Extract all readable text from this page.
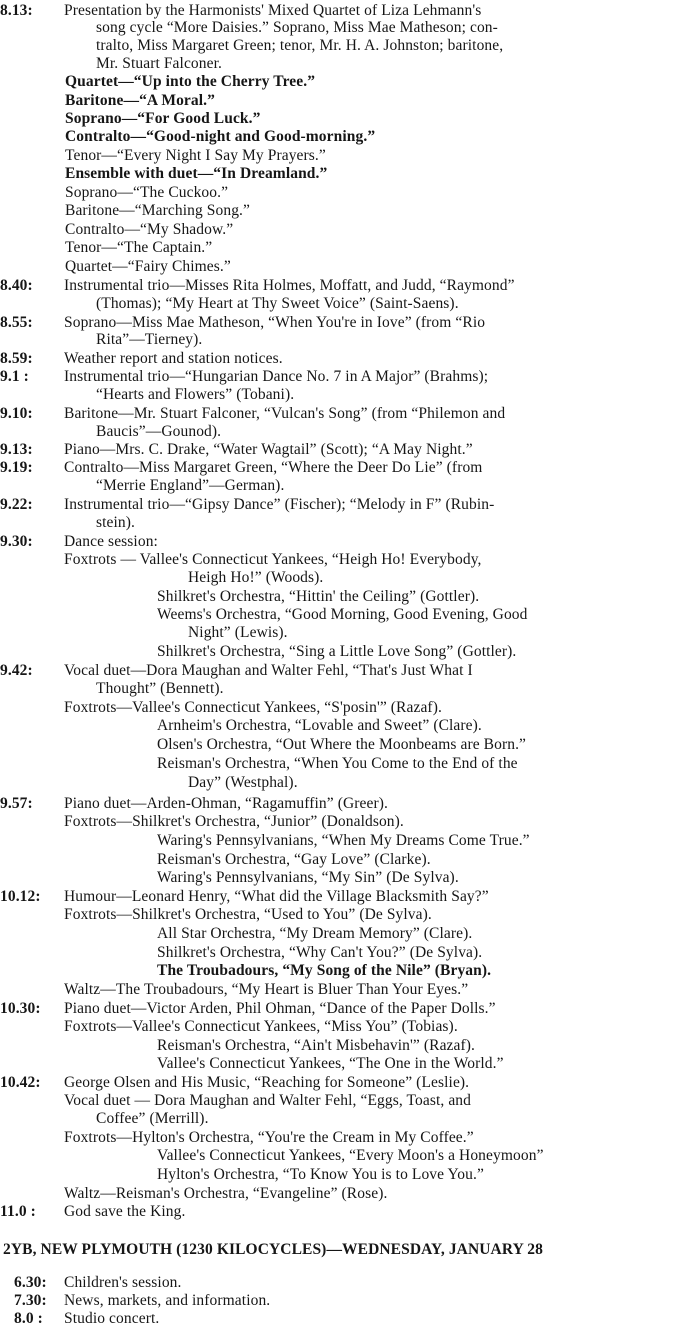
8.13: Presentation by the Harmonists' Mixed Quartet of Liza Lehmann's
song cycle “More Daisies.” Soprano, Miss Mae Matheson; con-
tralto, Miss Margaret Green; tenor, Mr. H. A. Johnston; baritone,
Mr. Stuart Falconer.
Quartet—“Up into the Cherry Tree.”
Baritone—“A Moral.”
Soprano—“For Good Luck.”
Contralto—“Good-night and Good-morning.”
Tenor—“Every Night I Say My Prayers.”
Ensemble with duet—“In Dreamland.”
Soprano—“The Cuckoo.”
Baritone—“Marching Song.”
Contralto—“My Shadow.”
Tenor—“The Captain.”
Quartet—“Fairy Chimes.”
8.40: Instrumental trio—Misses Rita Holmes, Moffatt, and Judd, “Raymond”
(Thomas); “My Heart at Thy Sweet Voice” (Saint-Saens).
8.55: Soprano—Miss Mae Matheson, “When You're in Iove” (from “Rio
Rita”—Tierney).
8.59: Weather report and station notices.
9.1 : Instrumental trio—“Hungarian Dance No. 7 in A Major” (Brahms);
“Hearts and Flowers” (Tobani).
9.10: Baritone—Mr. Stuart Falconer, “Vulcan's Song” (from “Philemon and
Baucis”—Gounod).
9.13: Piano—Mrs. C. Drake, “Water Wagtail” (Scott); “A May Night.”
9.19: Contralto—Miss Margaret Green, “Where the Deer Do Lie” (from
“Merrie England”—German).
9.22: Instrumental trio—“Gipsy Dance” (Fischer); “Melody in F” (Rubin-
stein).
9.30: Dance session:
Foxtrots — Vallee's Connecticut Yankees, “Heigh Ho! Everybody,
Heigh Ho!” (Woods).
Shilkret's Orchestra, “Hittin' the Ceiling” (Gottler).
Weems's Orchestra, “Good Morning, Good Evening, Good
Night” (Lewis).
Shilkret's Orchestra, “Sing a Little Love Song” (Gottler).
9.42: Vocal duet—Dora Maughan and Walter Fehl, “That's Just What I
Thought” (Bennett).
Foxtrots—Vallee's Connecticut Yankees, “S'posin'” (Razaf).
Arnheim's Orchestra, “Lovable and Sweet” (Clare).
Olsen's Orchestra, “Out Where the Moonbeams are Born.”
Reisman's Orchestra, “When You Come to the End of the
Day” (Westphal).
9.57: Piano duet—Arden-Ohman, “Ragamuffin” (Greer).
Foxtrots—Shilkret's Orchestra, “Junior” (Donaldson).
Waring's Pennsylvanians, “When My Dreams Come True.”
Reisman's Orchestra, “Gay Love” (Clarke).
Waring's Pennsylvanians, “My Sin” (De Sylva).
10.12: Humour—Leonard Henry, “What did the Village Blacksmith Say?”
Foxtrots—Shilkret's Orchestra, “Used to You” (De Sylva).
All Star Orchestra, “My Dream Memory” (Clare).
Shilkret's Orchestra, “Why Can't You?” (De Sylva).
The Troubadours, “My Song of the Nile” (Bryan).
Waltz—The Troubadours, “My Heart is Bluer Than Your Eyes.”
10.30: Piano duet—Victor Arden, Phil Ohman, “Dance of the Paper Dolls.”
Foxtrots—Vallee's Connecticut Yankees, “Miss You” (Tobias).
Reisman's Orchestra, “Ain't Misbehavin'” (Razaf).
Vallee's Connecticut Yankees, “The One in the World.”
10.42: George Olsen and His Music, “Reaching for Someone” (Leslie).
Vocal duet — Dora Maughan and Walter Fehl, “Eggs, Toast, and
Coffee” (Merrill).
Foxtrots—Hylton's Orchestra, “You're the Cream in My Coffee.”
Vallee's Connecticut Yankees, “Every Moon's a Honeymoon”
Hylton's Orchestra, “To Know You is to Love You.”
Waltz—Reisman's Orchestra, “Evangeline” (Rose).
11.0 : God save the King.
2YB, NEW PLYMOUTH (1230 KILOCYCLES)—WEDNESDAY, JANUARY 28
6.30: Children's session.
7.30: News, markets, and information.
8.0 : Studio concert.
